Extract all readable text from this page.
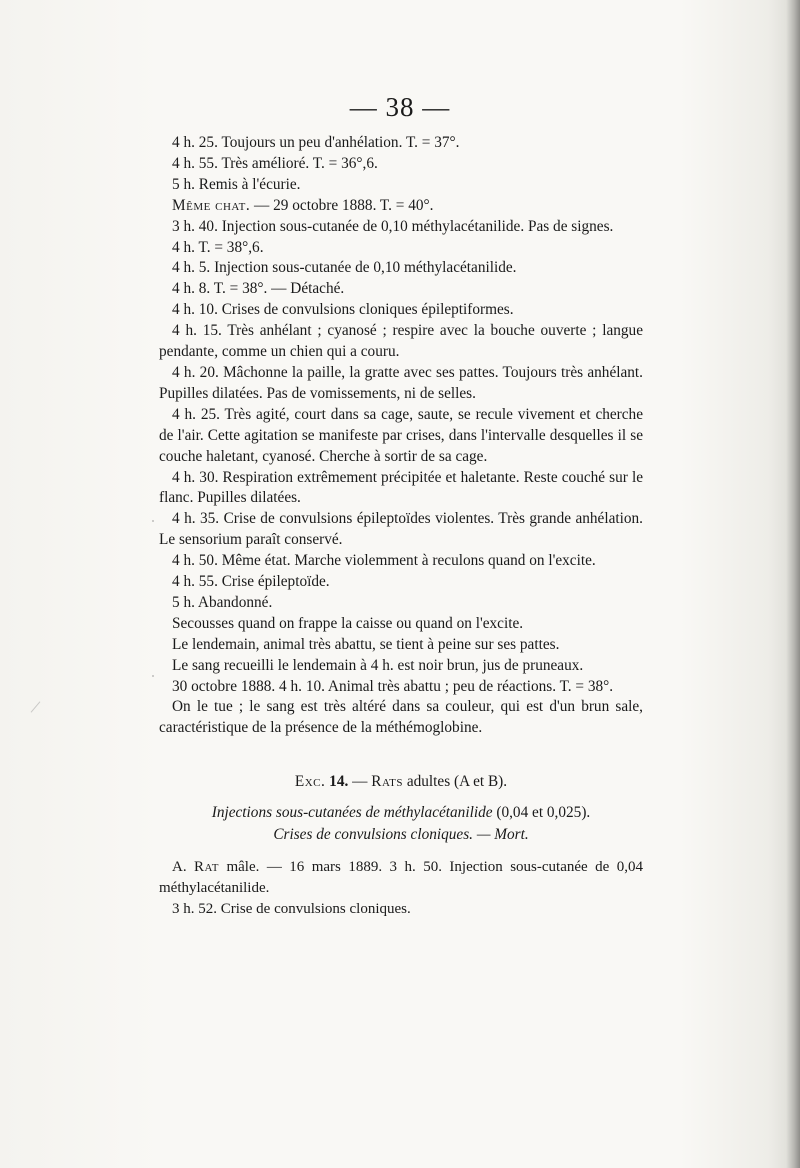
— 38 —

4 h. 25. Toujours un peu d'anhélation. T. = 37°.

4 h. 55. Très amélioré. T. = 36°,6.

5 h. Remis à l'écurie.

Même chat. — 29 octobre 1888. T. = 40°.

3 h. 40. Injection sous-cutanée de 0,10 méthylacétanilide. Pas de signes.

4 h. T. = 38°,6.

4 h. 5. Injection sous-cutanée de 0,10 méthylacétanilide.

4 h. 8. T. = 38°. — Détaché.

4 h. 10. Crises de convulsions cloniques épileptiformes.

4 h. 15. Très anhélant ; cyanosé ; respire avec la bouche ouverte ; langue pendante, comme un chien qui a couru.

4 h. 20. Mâchonne la paille, la gratte avec ses pattes. Toujours très anhélant. Pupilles dilatées. Pas de vomissements, ni de selles.

4 h. 25. Très agité, court dans sa cage, saute, se recule vivement et cherche de l'air. Cette agitation se manifeste par crises, dans l'intervalle desquelles il se couche haletant, cyanosé. Cherche à sortir de sa cage.

4 h. 30. Respiration extrêmement précipitée et haletante. Reste couché sur le flanc. Pupilles dilatées.

4 h. 35. Crise de convulsions épileptoïdes violentes. Très grande anhélation. Le sensorium paraît conservé.

4 h. 50. Même état. Marche violemment à reculons quand on l'excite.

4 h. 55. Crise épileptoïde.

5 h. Abandonné.

Secousses quand on frappe la caisse ou quand on l'excite.

Le lendemain, animal très abattu, se tient à peine sur ses pattes.

Le sang recueilli le lendemain à 4 h. est noir brun, jus de pruneaux.

30 octobre 1888. 4 h. 10. Animal très abattu ; peu de réactions. T. = 38°.

On le tue ; le sang est très altéré dans sa couleur, qui est d'un brun sale, caractéristique de la présence de la méthémoglobine.

Exc. 14. — Rats adultes (A et B).
Injections sous-cutanées de méthylacétanilide (0,04 et 0,025).
Crises de convulsions cloniques. — Mort.

A. Rat mâle. — 16 mars 1889. 3 h. 50. Injection sous-cutanée de 0,04 méthylacétanilide.

3 h. 52. Crise de convulsions cloniques.
